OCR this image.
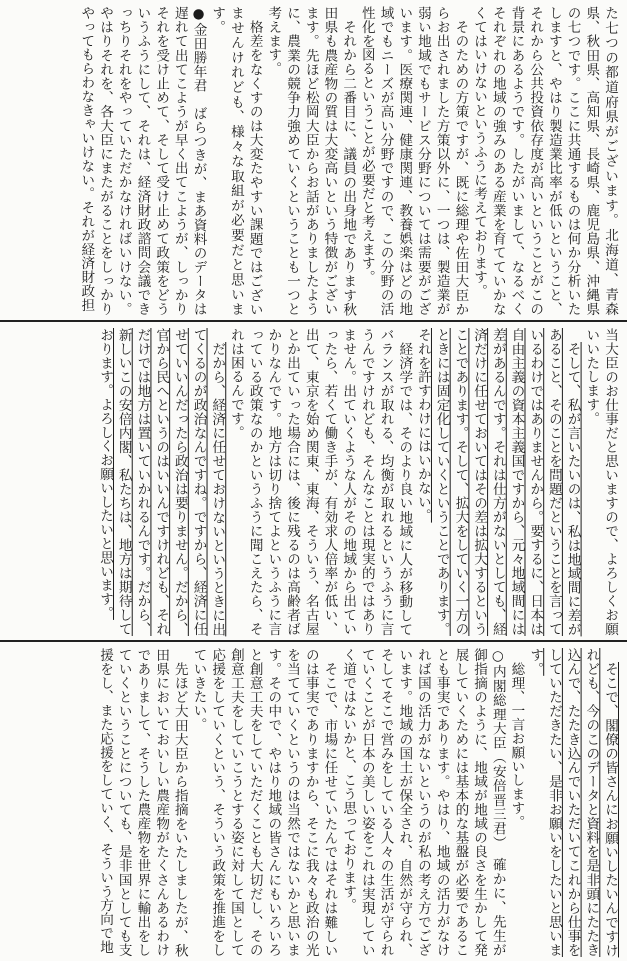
た七つの都道府県がございます。北海道、青森県、秋田県、高知県、長崎県、鹿児島県、沖縄県の七つです。ここに共通するものは何か分析いたしますと、やはり製造業比率が低いということ、それから公共投資依存度が高いということがこの背景にあるようです。したがいまして、なるべくそれぞれの地域の強みのある産業を育てていかなくてはいけないというふうに考えております。

そのための方策ですが、既に総理や佐田大臣からお出されました方策以外に、一つは、製造業が弱い地域でもサービス分野については需要がございます。医療関連、健康関連、教養娯楽はどの地域でもニーズが高い分野ですので、この分野の活性化を図るということが必要だと考えます。

それから二番目に、議員の出身地であります秋田県も農産物の質は大変高いという特徴がございます。先ほど松岡大臣からお話がありましたように、農業の競争力強めていくということも一つと考えます。

格差をなくすのは大変たやすい課題ではございませんけれども、様々な取組が必要だと思います。

●金田勝年君　ばらつきが、まあ資料のデータは遅れて出てこようが早く出てこようが、しっかりそれを受け止めて、そして受け止めて政策をどういうふうにして、それは、経済財政諮問会議できっちりそれをやっていただかなければいけない。やはりそれを、各大臣にまたがることをしっかりやってもらわなきゃいけない。それが経済財政担

当大臣のお仕事だと思いますので、よろしくお願いいたします。

そして、私が言いたいのは、私は地域間に差があること、そのことを問題だということを言っているわけではありませんから。要するに、日本は自由主義の資本主義国ですから、元々地域間には差があるんです。それは仕方がないとしても、経済だけに任せておいてはその差は拡大するということであります。そして、拡大をしていく一方のときには固定化していくということであります。それを許すわけにはいかない。

経済学では、そのより良い地域に人が移動してバランスが取れる、均衡が取れるというふうに言うんですけれども、そんなことは現実的ではありません。出ていくような人がその地域から出ていったら、若くて働き手が、有効求人倍率が低い、出て、東京を始め関東、東海、そういう、名古屋とか出ていった場合には、後に残るのは高齢者ばかりなんです。地方は切り捨てよというふうに言っている政策なのかというふうに聞こえたら、それは困るんです。

だから、経済に任せておけないというときに出てくるのが政治なんですね。ですから、経済に任せていいんだったら政治は要りません。だから、官から民へというのはいいんですけれども、それだけでは地方は置いていかれるんです。だから、新しいこの安倍内閣、私たちは、地方は期待しております。よろしくお願いしたいと思います。

そこで、閣僚の皆さんにお願いしたいんですけれども、今のこのデータと資料を是非頭にたたき込んで、たたき込んでいただいてこれから仕事をしていただきたい、是非お願いをしたいと思います。

総理、一言お願いします。

○内閣総理大臣（安倍晋三君）　確かに、先生が御指摘のように、地域が地域の良さを生かして発展していくためには基本的な基盤が必要であることも事実であります。やはり、地域の活力がなければ国の活力がないというのが私の考え方でございます。地域の国土が保全され、自然が守られ、そしてそこで営みをしている人々の生活が守られていくことが日本の美しい姿をこれは実現していく道ではないかと、こう思っております。

そこで、市場に任せていたんではそれは難しいのは事実でありますから、そこに我々も政治の光を当てていくというのは当然ではないかと思います。その中で、やはり地域の皆さんにもいろいろと創意工夫をしていただくことも大切だし、その創意工夫をしていこうとする姿に対して国として応援をしていくという、そういう政策を推進をしていきたい。

先ほど大田大臣から指摘をいたしましたが、秋田県においておいしい農産物がたくさんあるわけでありまして、そうした農産物を世界に輸出をしていくということについても、是非国としても支援をし、また応援をしていく、そういう方向で地
